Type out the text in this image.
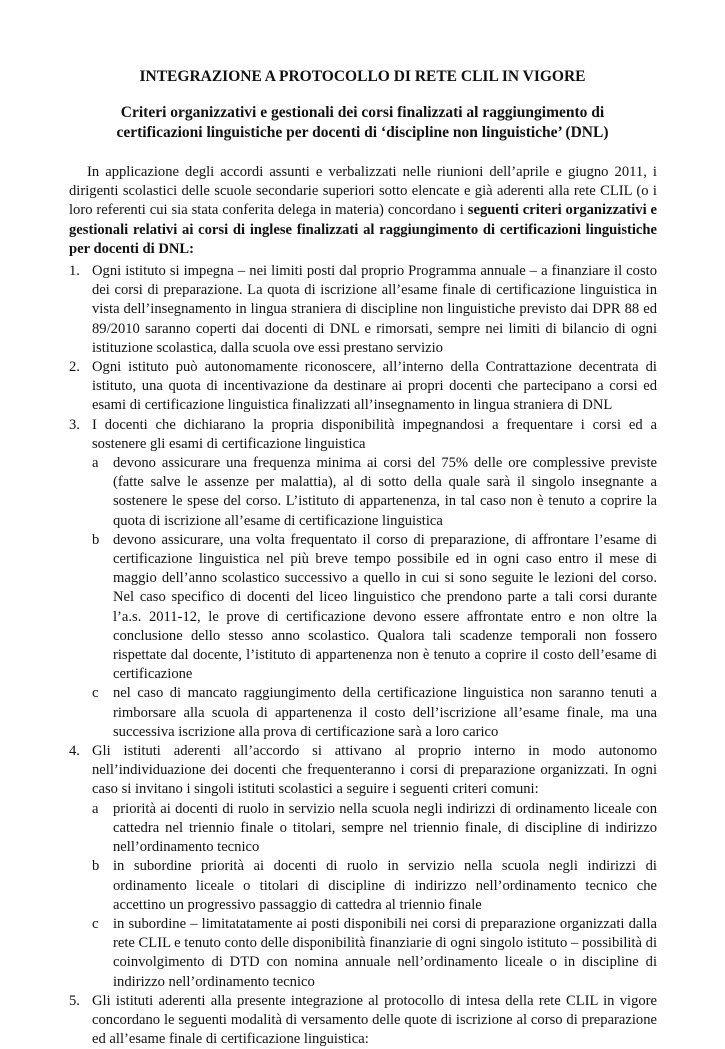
INTEGRAZIONE A PROTOCOLLO DI RETE CLIL IN VIGORE
Criteri organizzativi e gestionali dei corsi finalizzati al raggiungimento di certificazioni linguistiche per docenti di ‘discipline non linguistiche’ (DNL)
In applicazione degli accordi assunti e verbalizzati nelle riunioni dell’aprile e giugno 2011, i dirigenti scolastici delle scuole secondarie superiori sotto elencate e già aderenti alla rete CLIL (o i loro referenti cui sia stata conferita delega in materia) concordano i seguenti criteri organizzativi e gestionali relativi ai corsi di inglese finalizzati al raggiungimento di certificazioni linguistiche per docenti di DNL:
1. Ogni istituto si impegna – nei limiti posti dal proprio Programma annuale – a finanziare il costo dei corsi di preparazione. La quota di iscrizione all’esame finale di certificazione linguistica in vista dell’insegnamento in lingua straniera di discipline non linguistiche previsto dai DPR 88 ed 89/2010 saranno coperti dai docenti di DNL e rimorsati, sempre nei limiti di bilancio di ogni istituzione scolastica, dalla scuola ove essi prestano servizio
2. Ogni istituto può autonomamente riconoscere, all’interno della Contrattazione decentrata di istituto, una quota di incentivazione da destinare ai propri docenti che partecipano a corsi ed esami di certificazione linguistica finalizzati all’insegnamento in lingua straniera di DNL
3. I docenti che dichiarano la propria disponibilità impegnandosi a frequentare i corsi ed a sostenere gli esami di certificazione linguistica
a devono assicurare una frequenza minima ai corsi del 75% delle ore complessive previste (fatte salve le assenze per malattia), al di sotto della quale sarà il singolo insegnante a sostenere le spese del corso. L’istituto di appartenenza, in tal caso non è tenuto a coprire la quota di iscrizione all’esame di certificazione linguistica
b devono assicurare, una volta frequentato il corso di preparazione, di affrontare l’esame di certificazione linguistica nel più breve tempo possibile ed in ogni caso entro il mese di maggio dell’anno scolastico successivo a quello in cui si sono seguite le lezioni del corso. Nel caso specifico di docenti del liceo linguistico che prendono parte a tali corsi durante l’a.s. 2011-12, le prove di certificazione devono essere affrontate entro e non oltre la conclusione dello stesso anno scolastico. Qualora tali scadenze temporali non fossero rispettate dal docente, l’istituto di appartenenza non è tenuto a coprire il costo dell’esame di certificazione
c nel caso di mancato raggiungimento della certificazione linguistica non saranno tenuti a rimborsare alla scuola di appartenenza il costo dell’iscrizione all’esame finale, ma una successiva iscrizione alla prova di certificazione sarà a loro carico
4. Gli istituti aderenti all’accordo si attivano al proprio interno in modo autonomo nell’individuazione dei docenti che frequenteranno i corsi di preparazione organizzati. In ogni caso si invitano i singoli istituti scolastici a seguire i seguenti criteri comuni:
a priorità ai docenti di ruolo in servizio nella scuola negli indirizzi di ordinamento liceale con cattedra nel triennio finale o titolari, sempre nel triennio finale, di discipline di indirizzo nell’ordinamento tecnico
b in subordine priorità ai docenti di ruolo in servizio nella scuola negli indirizzi di ordinamento liceale o titolari di discipline di indirizzo nell’ordinamento tecnico che accettino un progressivo passaggio di cattedra al triennio finale
c in subordine – limitatatamente ai posti disponibili nei corsi di preparazione organizzati dalla rete CLIL e tenuto conto delle disponibilità finanziarie di ogni singolo istituto – possibilità di coinvolgimento di DTD con nomina annuale nell’ordinamento liceale o in discipline di indirizzo nell’ordinamento tecnico
5. Gli istituti aderenti alla presente integrazione al protocollo di intesa della rete CLIL in vigore concordano le seguenti modalità di versamento delle quote di iscrizione al corso di preparazione ed all’esame finale di certificazione linguistica:
